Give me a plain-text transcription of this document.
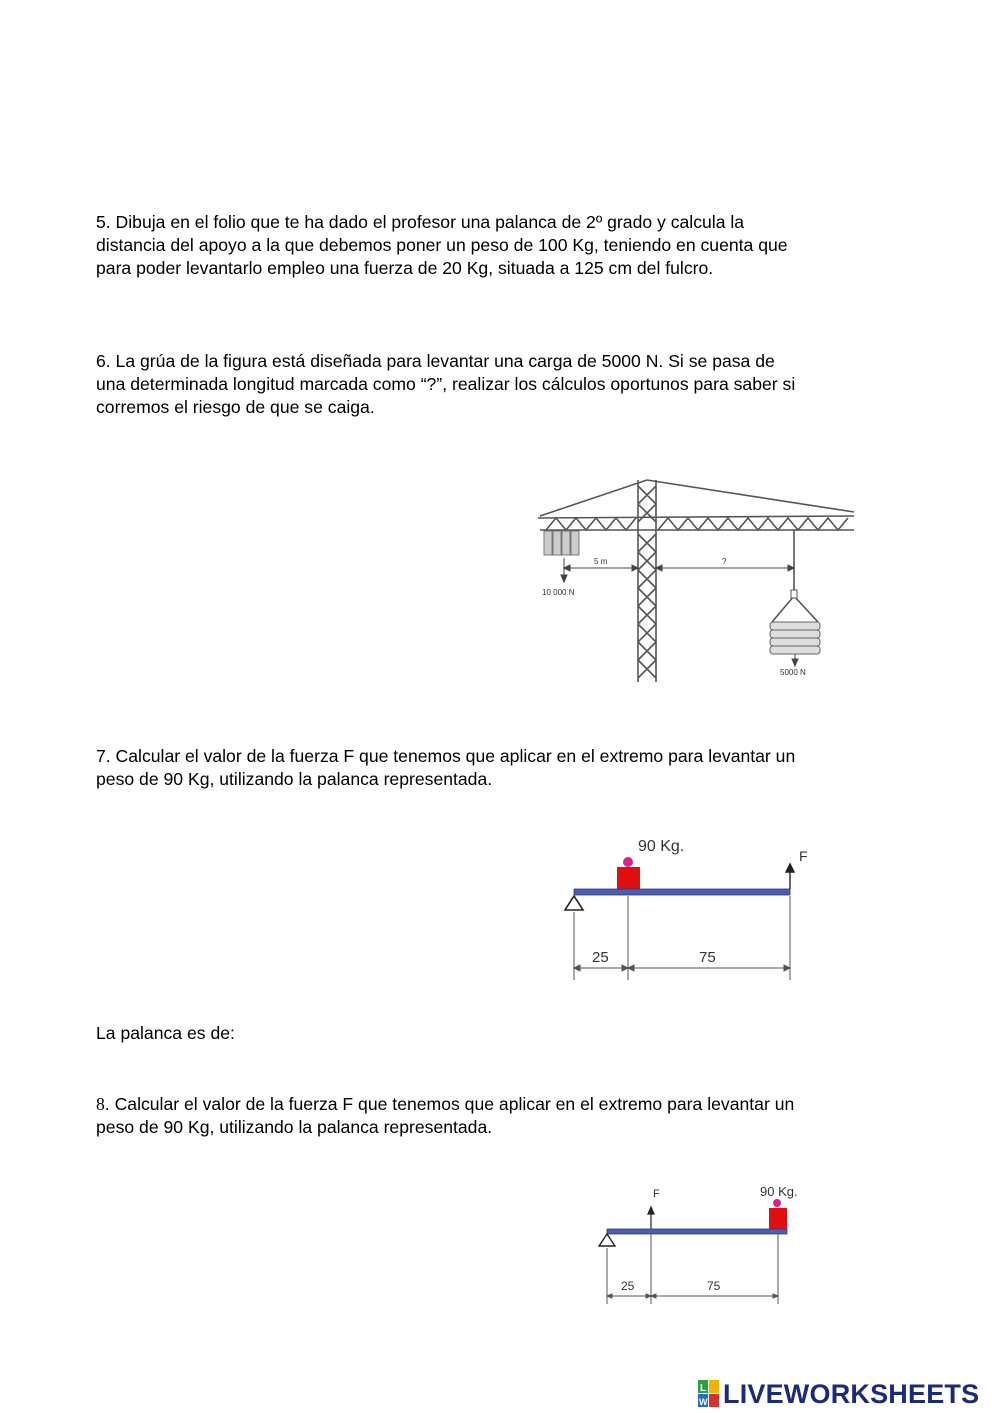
5. Dibuja en el folio que te ha dado el profesor una palanca de 2º grado y calcula la
distancia del apoyo a la que debemos poner un peso de 100 Kg, teniendo en cuenta que
para poder levantarlo empleo una fuerza de 20 Kg, situada a 125 cm del fulcro.

6. La grúa de la figura está diseñada para levantar una carga de 5000 N. Si se pasa de
una determinada longitud marcada como “?”, realizar los cálculos oportunos para saber si
corremos el riesgo de que se caiga.

5 m	?
10 000 N
5000 N

7. Calcular el valor de la fuerza F que tenemos que aplicar en el extremo para levantar un
peso de 90 Kg, utilizando la palanca representada.

90 Kg.
F
25	75

La palanca es de:

8. Calcular el valor de la fuerza F que tenemos que aplicar en el extremo para levantar un
peso de 90 Kg, utilizando la palanca representada.

90 Kg.
F
25	75
L
W LIVEWORKSHEETS
